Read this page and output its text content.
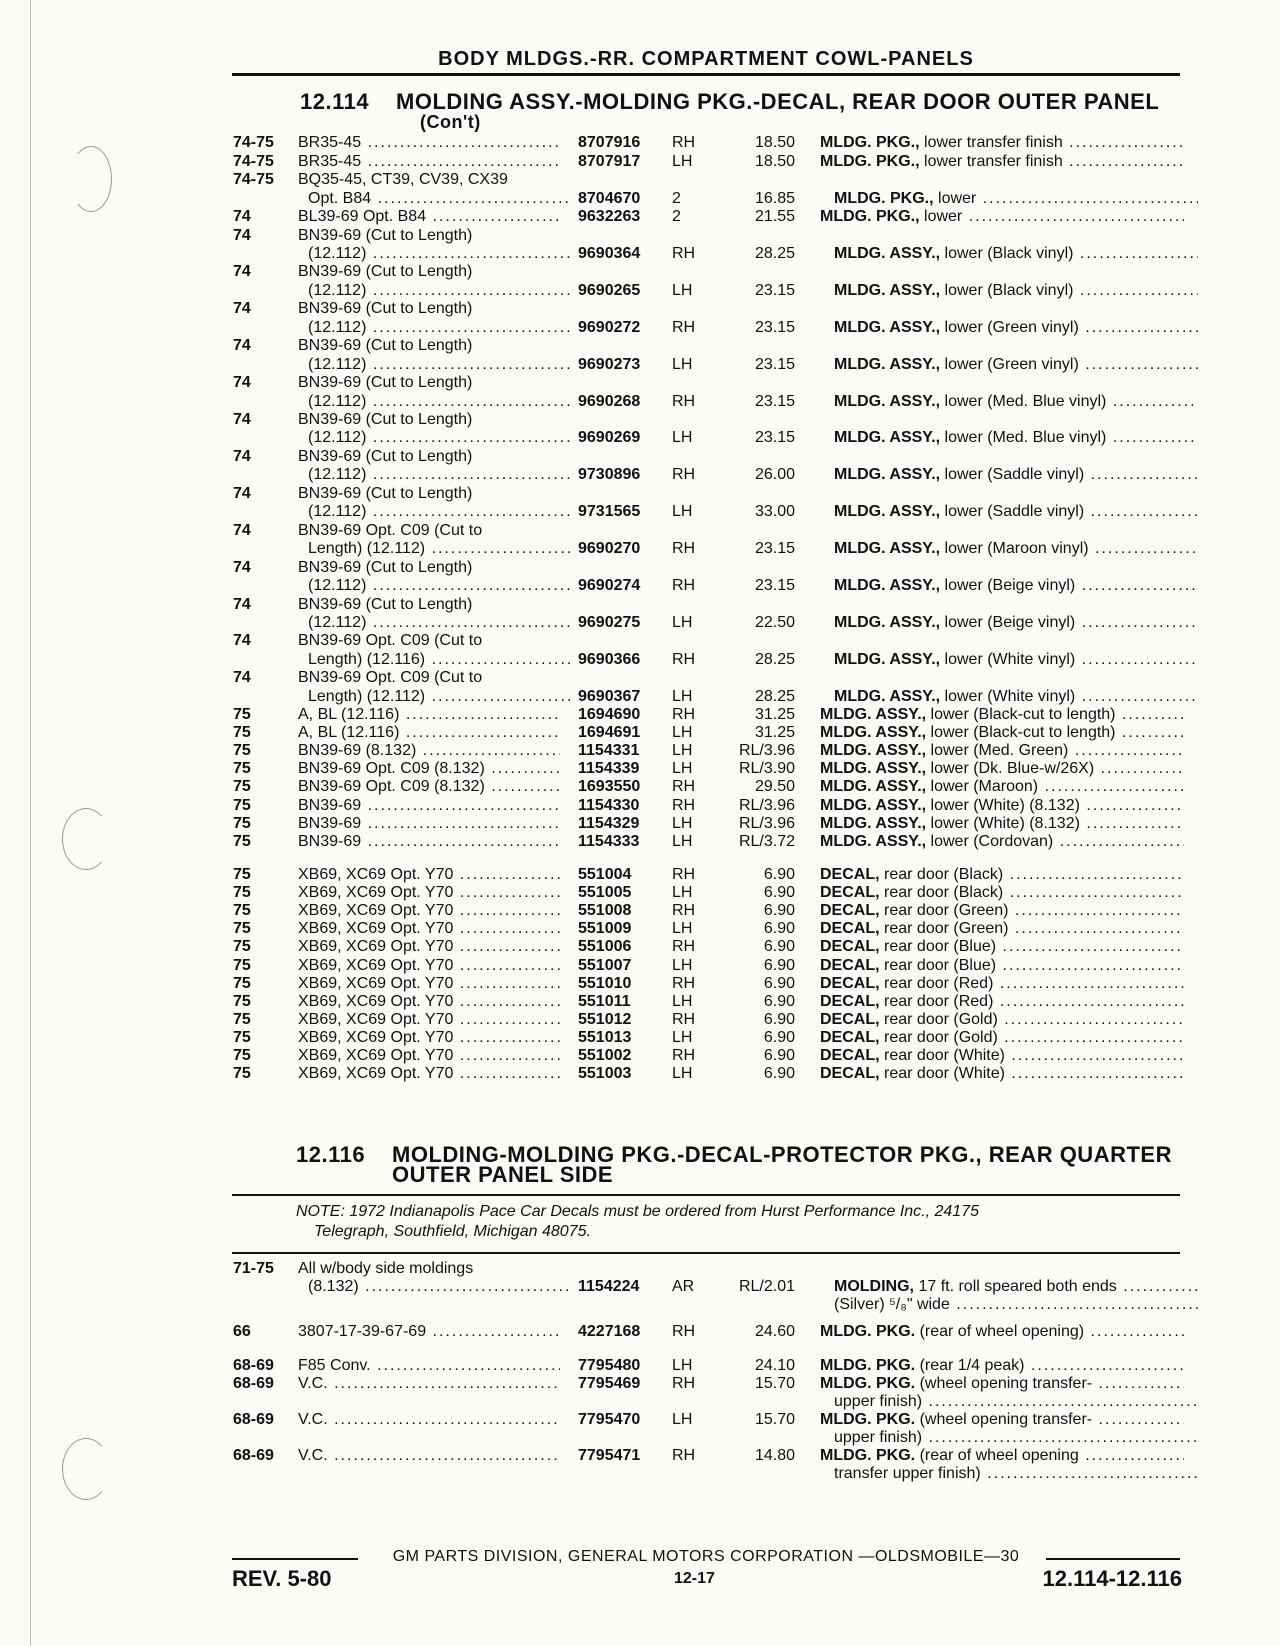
BODY MLDGS.-RR. COMPARTMENT COWL-PANELS
12.114 MOLDING ASSY.-MOLDING PKG.-DECAL, REAR DOOR OUTER PANEL
(Con't)
74-75 BR35-45 .....	8707916 RH	18.50 MLDG. PKG., lower transfer finish .....
74-75 BR35-45 .....	8707917 LH	18.50 MLDG. PKG., lower transfer finish .....
74-75 BQ35-45, CT39, CV39, CX39
Opt. B84 .....	8704670 2	16.85 MLDG. PKG., lower .....
74	BL39-69 Opt. B84 .....	9632263 2	21.55 MLDG. PKG., lower .....
74	BN39-69 (Cut to Length)
(12.112) .....	9690364 RH	28.25 MLDG. ASSY., lower (Black vinyl) .....
74	BN39-69 (Cut to Length)
(12.112) .....	9690265 LH	23.15 MLDG. ASSY., lower (Black vinyl) .....
74	BN39-69 (Cut to Length)
(12.112) .....	9690272 RH	23.15 MLDG. ASSY., lower (Green vinyl) .....
74	BN39-69 (Cut to Length)
(12.112) .....	9690273 LH	23.15 MLDG. ASSY., lower (Green vinyl) .....
74	BN39-69 (Cut to Length)
(12.112) .....	9690268 RH	23.15 MLDG. ASSY., lower (Med. Blue vinyl) .....
74	BN39-69 (Cut to Length)
(12.112) .....	9690269 LH	23.15 MLDG. ASSY., lower (Med. Blue vinyl) .....
74	BN39-69 (Cut to Length)
(12.112) .....	9730896 RH	26.00 MLDG. ASSY., lower (Saddle vinyl) .....
74	BN39-69 (Cut to Length)
(12.112) .....	9731565 LH	33.00 MLDG. ASSY., lower (Saddle vinyl) .....
74	BN39-69 Opt. C09 (Cut to
Length) (12.112) .....	9690270 RH	23.15 MLDG. ASSY., lower (Maroon vinyl) .....
74	BN39-69 (Cut to Length)
(12.112) .....	9690274 RH	23.15 MLDG. ASSY., lower (Beige vinyl) .....
74	BN39-69 (Cut to Length)
(12.112) .....	9690275 LH	22.50 MLDG. ASSY., lower (Beige vinyl) .....
74	BN39-69 Opt. C09 (Cut to
Length) (12.116) .....	9690366 RH	28.25 MLDG. ASSY., lower (White vinyl) .....
74	BN39-69 Opt. C09 (Cut to
Length) (12.112) .....	9690367 LH	28.25 MLDG. ASSY., lower (White vinyl) .....
75	A, BL (12.116) .....	1694690 RH	31.25 MLDG. ASSY., lower (Black-cut to length) .....
75	A, BL (12.116) .....	1694691 LH	31.25 MLDG. ASSY., lower (Black-cut to length) .....
75	BN39-69 (8.132) .....	1154331 LH	RL/3.96 MLDG. ASSY., lower (Med. Green) .....
75	BN39-69 Opt. C09 (8.132) .....	1154339 LH	RL/3.90 MLDG. ASSY., lower (Dk. Blue-w/26X) .....
75	BN39-69 Opt. C09 (8.132) .....	1693550 RH	29.50 MLDG. ASSY., lower (Maroon) .....
75	BN39-69 .....	1154330 RH	RL/3.96 MLDG. ASSY., lower (White) (8.132) .....
75	BN39-69 .....	1154329 LH	RL/3.96 MLDG. ASSY., lower (White) (8.132) .....
75	BN39-69 .....	1154333 LH	RL/3.72 MLDG. ASSY., lower (Cordovan) .....
75	XB69, XC69 Opt. Y70 .....	551004	RH	6.90 DECAL, rear door (Black) .....
75	XB69, XC69 Opt. Y70 .....	551005	LH	6.90 DECAL, rear door (Black) .....
75	XB69, XC69 Opt. Y70 .....	551008	RH	6.90 DECAL, rear door (Green) .....
75	XB69, XC69 Opt. Y70 .....	551009	LH	6.90 DECAL, rear door (Green) .....
75	XB69, XC69 Opt. Y70 .....	551006	RH	6.90 DECAL, rear door (Blue) .....
75	XB69, XC69 Opt. Y70 .....	551007	LH	6.90 DECAL, rear door (Blue) .....
75	XB69, XC69 Opt. Y70 .....	551010	RH	6.90 DECAL, rear door (Red) .....
75	XB69, XC69 Opt. Y70 .....	551011	LH	6.90 DECAL, rear door (Red) .....
75	XB69, XC69 Opt. Y70 .....	551012	RH	6.90 DECAL, rear door (Gold) .....
75	XB69, XC69 Opt. Y70 .....	551013	LH	6.90 DECAL, rear door (Gold) .....
75	XB69, XC69 Opt. Y70 .....	551002	RH	6.90 DECAL, rear door (White) .....
75	XB69, XC69 Opt. Y70 .....	551003	LH	6.90 DECAL, rear door (White) .....
71-75 All w/body side moldings
(8.132) .....	1154224 AR	RL/2.01 MOLDING, 17 ft. roll speared both ends .....
(Silver) ⁵/₈" wide .....
66	3807-17-39-67-69 .....	4227168 RH	24.60 MLDG. PKG. (rear of wheel opening) .....
68-69 F85 Conv. .....	7795480 LH	24.10 MLDG. PKG. (rear 1/4 peak) .....
68-69 V.C. .....	7795469 RH	15.70 MLDG. PKG. (wheel opening transfer- .....
upper finish) .....
68-69 V.C. .....	7795470 LH	15.70 MLDG. PKG. (wheel opening transfer- .....
upper finish) .....
68-69 V.C. .....	7795471 RH	14.80 MLDG. PKG. (rear of wheel opening .....
transfer upper finish) .....
12.116 MOLDING-MOLDING PKG.-DECAL-PROTECTOR PKG., REAR QUARTER OUTER PANEL SIDE
NOTE: 1972 Indianapolis Pace Car Decals must be ordered from Hurst Performance Inc., 24175
Telegraph, Southfield, Michigan 48075.
GM PARTS DIVISION, GENERAL MOTORS CORPORATION —OLDSMOBILE—30
REV. 5-80	12-17	12.114-12.116
